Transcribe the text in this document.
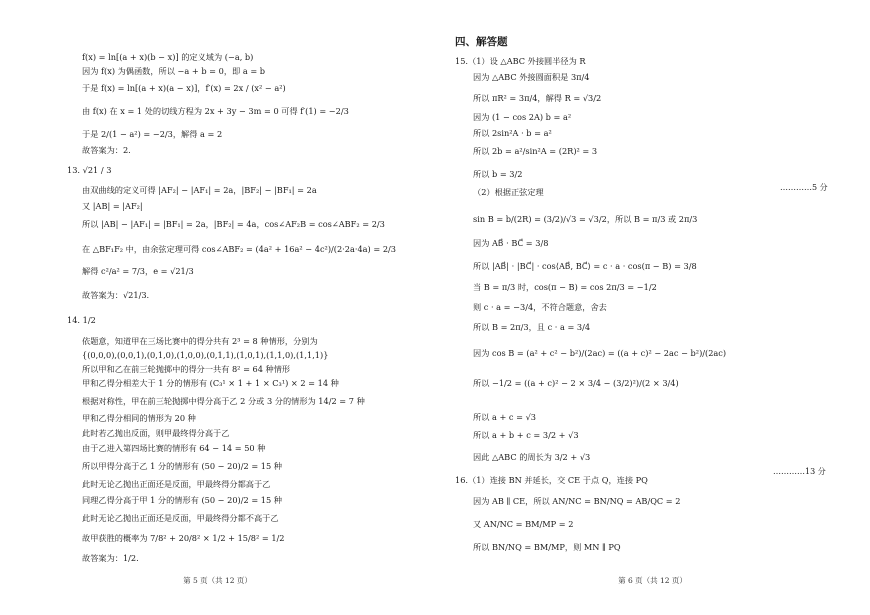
f(x) = ln[(a + x)(b − x)] 的定义域为 (−a, b)
因为 f(x) 为偶函数，所以 −a + b = 0，即 a = b
于是 f(x) = ln[(a + x)(a − x)]，f′(x) = 2x / (x² − a²)
由 f(x) 在 x = 1 处的切线方程为 2x + 3y − 3m = 0 可得 f′(1) = −2/3
于是 2/(1 − a²) = −2/3，解得 a = 2
故答案为：2.
13. √21 / 3
由双曲线的定义可得 |AF₂| − |AF₁| = 2a，|BF₂| − |BF₁| = 2a
又 |AB| = |AF₂|
所以 |AB| − |AF₁| = |BF₁| = 2a，|BF₂| = 4a，cos∠AF₂B = cos∠ABF₂ = 2/3
在 △BF₁F₂ 中，由余弦定理可得 cos∠ABF₂ = (4a² + 16a² − 4c²)/(2·2a·4a) = 2/3
解得 c²/a² = 7/3，e = √21/3
故答案为：√21/3.
14. 1/2
依题意，知道甲在三场比赛中的得分共有 2³ = 8 种情形，分别为
{(0,0,0),(0,0,1),(0,1,0),(1,0,0),(0,1,1),(1,0,1),(1,1,0),(1,1,1)}
所以甲和乙在前三轮抛掷中的得分一共有 8² = 64 种情形
甲和乙得分相差大于 1 分的情形有 (C₃¹ × 1 + 1 × C₃¹) × 2 = 14 种
根据对称性，甲在前三轮抛掷中得分高于乙 2 分或 3 分的情形为 14/2 = 7 种
甲和乙得分相同的情形为 20 种
此时若乙抛出反面，则甲最终得分高于乙
由于乙进入第四场比赛的情形有 64 − 14 = 50 种
所以甲得分高于乙 1 分的情形有 (50 − 20)/2 = 15 种
此时无论乙抛出正面还是反面，甲最终得分都高于乙
同理乙得分高于甲 1 分的情形有 (50 − 20)/2 = 15 种
此时无论乙抛出正面还是反面，甲最终得分都不高于乙
故甲获胜的概率为 7/8² + 20/8² × 1/2 + 15/8² = 1/2
故答案为：1/2.
第 5 页（共 12 页）
四、解答题
15.（1）设 △ABC 外接圆半径为 R
因为 △ABC 外接圆面积是 3π/4
所以 πR² = 3π/4，解得 R = √3/2
因为 (1 − cos 2A) b = a²
所以 2sin²A · b = a²
所以 2b = a²/sin²A = (2R)² = 3
所以 b = 3/2
（2）根据正弦定理
sin B = b/(2R) = (3/2)/√3 = √3/2，所以 B = π/3 或 2π/3
因为 AB⃗ · BC⃗ = 3/8
所以 |AB⃗| · |BC⃗| · cos⟨AB⃗, BC⃗⟩ = c · a · cos(π − B) = 3/8
当 B = π/3 时，cos(π − B) = cos 2π/3 = −1/2
则 c · a = −3/4，不符合题意，舍去
所以 B = 2π/3，且 c · a = 3/4
因为 cos B = (a² + c² − b²)/(2ac) = ((a + c)² − 2ac − b²)/(2ac)
所以 −1/2 = ((a + c)² − 2 × 3/4 − (3/2)²)/(2 × 3/4)
所以 a + c = √3
所以 a + b + c = 3/2 + √3
因此 △ABC 的周长为 3/2 + √3
16.（1）连接 BN 并延长，交 CE 于点 Q，连接 PQ
因为 AB ∥ CE，所以 AN/NC = BN/NQ = AB/QC = 2
又 AN/NC = BM/MP = 2
所以 BN/NQ = BM/MP，则 MN ∥ PQ
…………5 分
…………13 分
第 6 页（共 12 页）
